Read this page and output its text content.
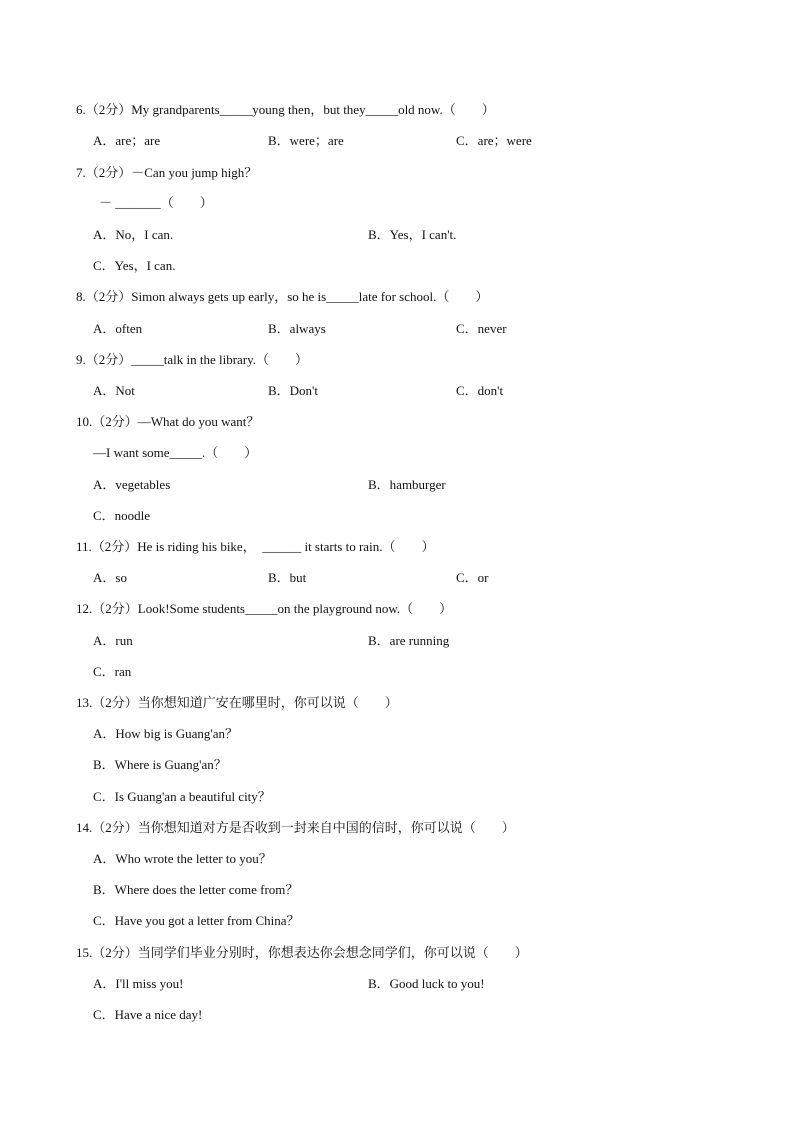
6.（2分）My grandparents_____young then，but they_____old now.（　　）
A．are；are	B．were；are	C．are；were
7.（2分）－Can you jump high？
－ _______（　　）
A．No，I can.	B．Yes，I can't.
C．Yes，I can.
8.（2分）Simon always gets up early，so he is_____late for school.（　　）
A．often	B．always	C．never
9.（2分）_____talk in the library.（　　）
A．Not	B．Don't	C．don't
10.（2分）—What do you want？
—I want some_____.（　　）
A．vegetables	B．hamburger
C．noodle
11.（2分）He is riding his bike，  ______ it starts to rain.（　　）
A．so	B．but	C．or
12.（2分）Look!Some students_____on the playground now.（　　）
A．run	B．are running
C．ran
13.（2分）当你想知道广安在哪里时，你可以说（　　）
A．How big is Guang'an？
B．Where is Guang'an？
C．Is Guang'an a beautiful city？
14.（2分）当你想知道对方是否收到一封来自中国的信时，你可以说（　　）
A．Who wrote the letter to you？
B．Where does the letter come from？
C．Have you got a letter from China？
15.（2分）当同学们毕业分别时，你想表达你会想念同学们，你可以说（　　）
A．I'll miss you!	B．Good luck to you!
C．Have a nice day!
